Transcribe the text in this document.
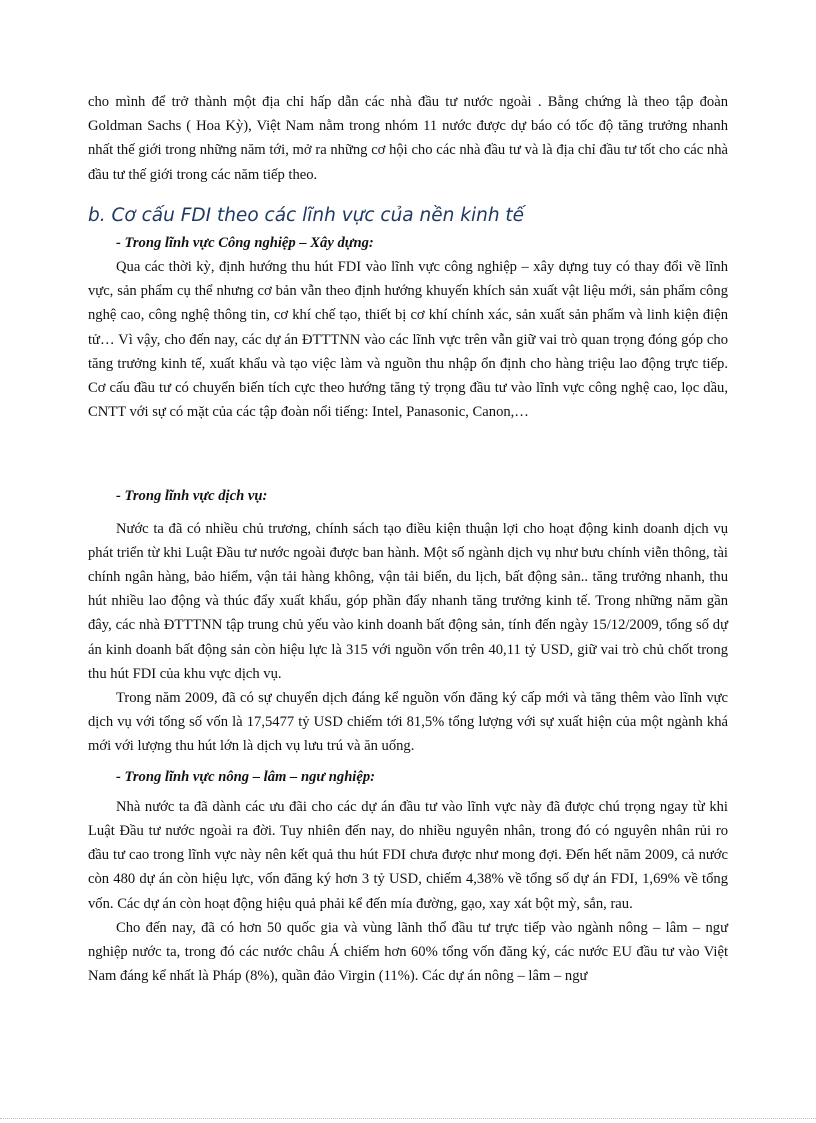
cho mình để trở thành một địa chỉ hấp dẫn các nhà đầu tư nước ngoài . Bằng chứng là theo tập đoàn Goldman Sachs ( Hoa Kỳ), Việt Nam nằm trong nhóm 11 nước được dự báo có tốc độ tăng trưởng nhanh nhất thế giới trong những năm tới, mở ra những cơ hội cho các nhà đầu tư và là địa chỉ đầu tư tốt cho các nhà đầu tư thế giới trong các năm tiếp theo.

b. Cơ cấu FDI theo các lĩnh vực của nền kinh tế

- Trong lĩnh vực Công nghiệp – Xây dựng:

Qua các thời kỳ, định hướng thu hút FDI vào lĩnh vực công nghiệp – xây dựng tuy có thay đổi về lĩnh vực, sản phẩm cụ thể nhưng cơ bản vẫn theo định hướng khuyến khích sản xuất vật liệu mới, sản phẩm công nghệ cao, công nghệ thông tin, cơ khí chế tạo, thiết bị cơ khí chính xác, sản xuất sản phẩm và linh kiện điện tử… Vì vậy, cho đến nay, các dự án ĐTTTNN vào các lĩnh vực trên vẫn giữ vai trò quan trọng đóng góp cho tăng trưởng kinh tế, xuất khẩu và tạo việc làm và nguồn thu nhập ổn định cho hàng triệu lao động trực tiếp. Cơ cấu đầu tư có chuyển biến tích cực theo hướng tăng tỷ trọng đầu tư vào lĩnh vực công nghệ cao, lọc dầu, CNTT với sự có mặt của các tập đoàn nổi tiếng: Intel, Panasonic, Canon,…

- Trong lĩnh vực dịch vụ:

Nước ta đã có nhiều chủ trương, chính sách tạo điều kiện thuận lợi cho hoạt động kinh doanh dịch vụ phát triển từ khi Luật Đầu tư nước ngoài được ban hành. Một số ngành dịch vụ như bưu chính viễn thông, tài chính ngân hàng, bảo hiểm, vận tải hàng không, vận tải biển, du lịch, bất động sản.. tăng trưởng nhanh, thu hút nhiều lao động và thúc đẩy xuất khẩu, góp phần đẩy nhanh tăng trưởng kinh tế. Trong những năm gần đây, các nhà ĐTTTNN tập trung chủ yếu vào kinh doanh bất động sản, tính đến ngày 15/12/2009, tổng số dự án kinh doanh bất động sản còn hiệu lực là 315 với nguồn vốn trên 40,11 tỷ USD, giữ vai trò chủ chốt trong thu hút FDI của khu vực dịch vụ.

Trong năm 2009, đã có sự chuyển dịch đáng kể nguồn vốn đăng ký cấp mới và tăng thêm vào lĩnh vực dịch vụ với tổng số vốn là 17,5477 tỷ USD chiếm tới 81,5% tổng lượng với sự xuất hiện của một ngành khá mới với lượng thu hút lớn là dịch vụ lưu trú và ăn uống.

- Trong lĩnh vực nông – lâm – ngư nghiệp:

Nhà nước ta đã dành các ưu đãi cho các dự án đầu tư vào lĩnh vực này đã được chú trọng ngay từ khi Luật Đầu tư nước ngoài ra đời. Tuy nhiên đến nay, do nhiều nguyên nhân, trong đó có nguyên nhân rủi ro đầu tư cao trong lĩnh vực này nên kết quả thu hút FDI chưa được như mong đợi. Đến hết năm 2009, cả nước còn 480 dự án còn hiệu lực, vốn đăng ký hơn 3 tỷ USD, chiếm 4,38% về tổng số dự án FDI, 1,69% về tổng vốn. Các dự án còn hoạt động hiệu quả phải kể đến mía đường, gạo, xay xát bột mỳ, sắn, rau.

Cho đến nay, đã có hơn 50 quốc gia và vùng lãnh thổ đầu tư trực tiếp vào ngành nông – lâm – ngư nghiệp nước ta, trong đó các nước châu Á chiếm hơn 60% tổng vốn đăng ký, các nước EU đầu tư vào Việt Nam đáng kể nhất là Pháp (8%), quần đảo Virgin (11%). Các dự án nông – lâm – ngư
